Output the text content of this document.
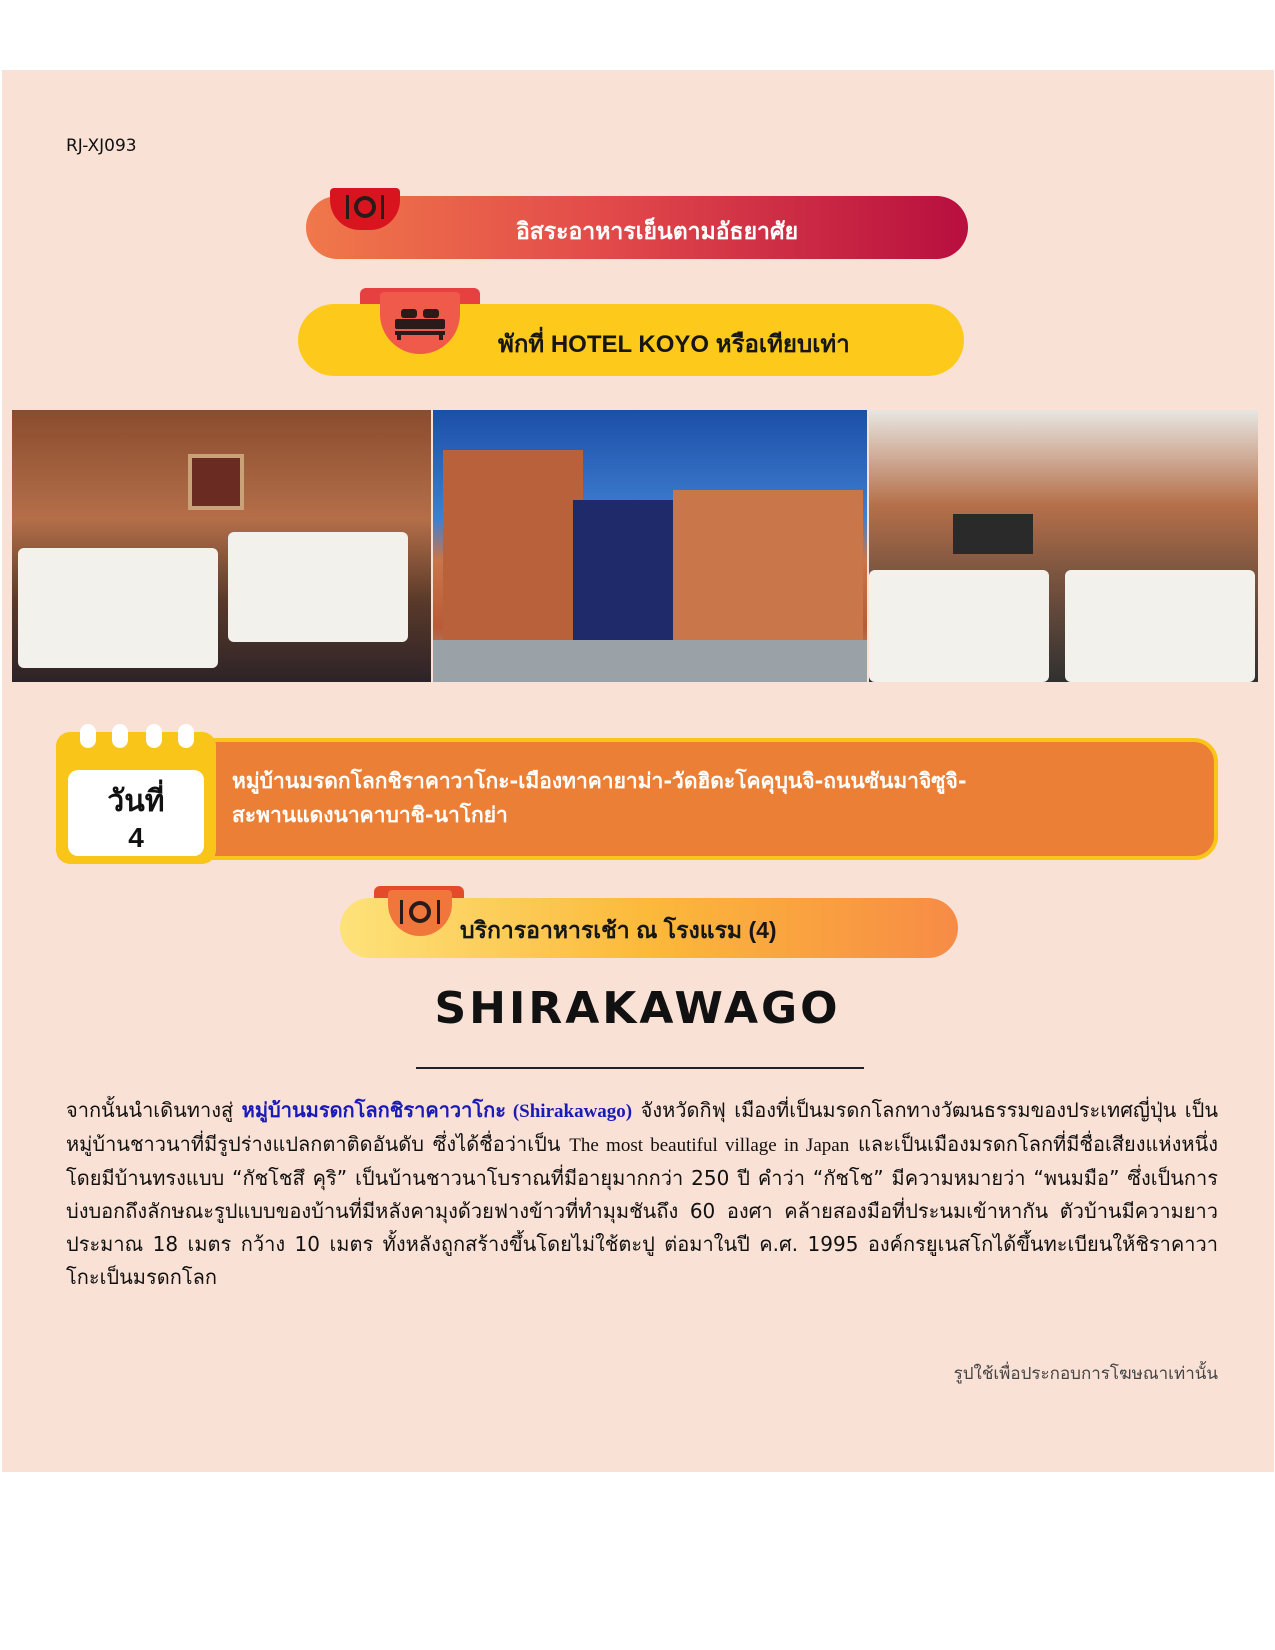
RJ-XJ093
อิสระอาหารเย็นตามอัธยาศัย
พักที่ HOTEL KOYO หรือเทียบเท่า
วันที่
4
หมู่บ้านมรดกโลกชิราคาวาโกะ-เมืองทาคายาม่า-วัดฮิดะโคคุบุนจิ-ถนนซันมาจิซูจิ-
สะพานแดงนาคาบาชิ-นาโกย่า
บริการอาหารเช้า ณ โรงแรม (4)
SHIRAKAWAGO
จากนั้นนำเดินทางสู่ หมู่บ้านมรดกโลกชิราคาวาโกะ (Shirakawago) จังหวัดกิฟุ เมืองที่เป็นมรดกโลกทางวัฒนธรรมของประเทศญี่ปุ่น เป็นหมู่บ้านชาวนาที่มีรูปร่างแปลกตาติดอันดับ ซึ่งได้ชื่อว่าเป็น The most beautiful village in Japan และเป็นเมืองมรดกโลกที่มีชื่อเสียงแห่งหนึ่ง โดยมีบ้านทรงแบบ “กัชโชสึ คุริ” เป็นบ้านชาวนาโบราณที่มีอายุมากกว่า 250 ปี คำว่า “กัชโช” มีความหมายว่า “พนมมือ” ซึ่งเป็นการบ่งบอกถึงลักษณะรูปแบบของบ้านที่มีหลังคามุงด้วยฟางข้าวที่ทำมุมชันถึง 60 องศา คล้ายสองมือที่ประนมเข้าหากัน ตัวบ้านมีความยาวประมาณ 18 เมตร กว้าง 10 เมตร ทั้งหลังถูกสร้างขึ้นโดยไม่ใช้ตะปู ต่อมาในปี ค.ศ. 1995 องค์กรยูเนสโกได้ขึ้นทะเบียนให้ชิราคาวาโกะเป็นมรดกโลก
รูปใช้เพื่อประกอบการโฆษณาเท่านั้น
